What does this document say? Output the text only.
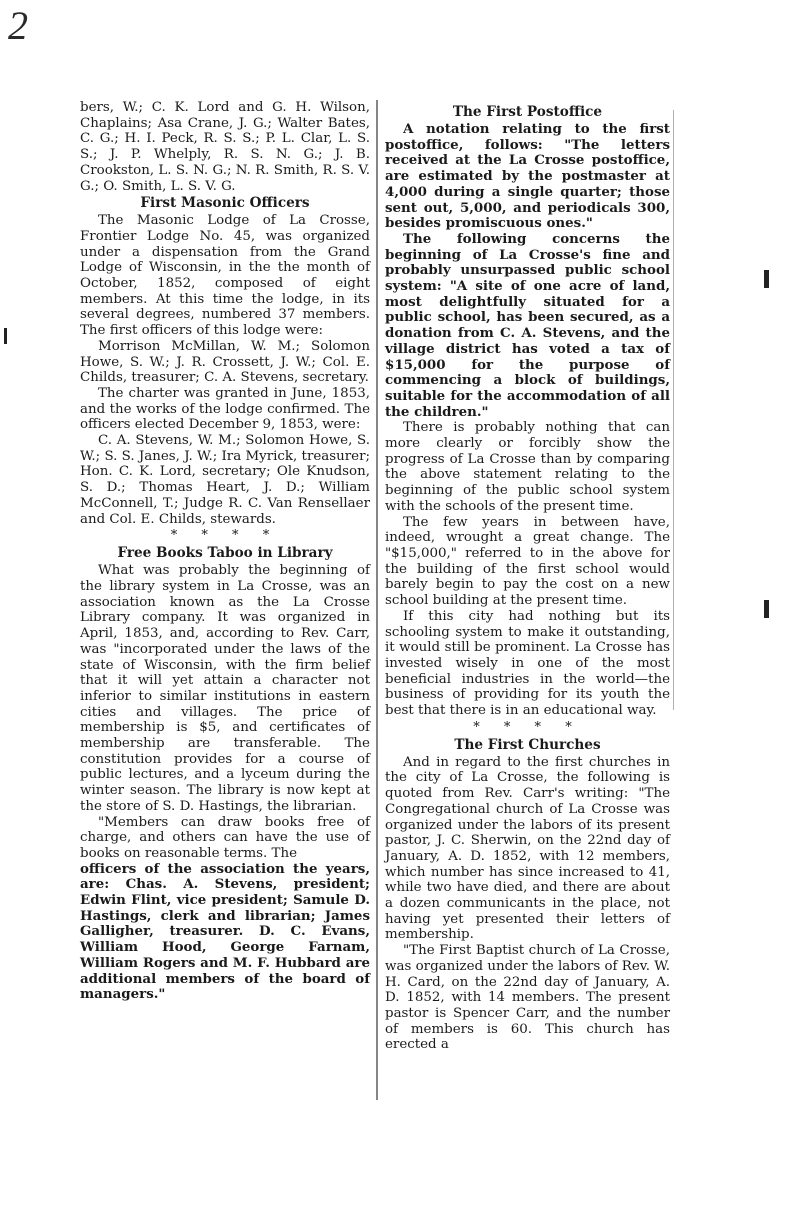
2

bers, W.; C. K. Lord and G. H. Wilson, Chaplains; Asa Crane, J. G.; Walter Bates, C. G.; H. I. Peck, R. S. S.; P. L. Clar, L. S. S.; J. P. Whelply, R. S. N. G.; J. B. Crookston, L. S. N. G.; N. R. Smith, R. S. V. G.; O. Smith, L. S. V. G.

First Masonic Officers

The Masonic Lodge of La Crosse, Frontier Lodge No. 45, was organized under a dispensation from the Grand Lodge of Wisconsin, in the the month of October, 1852, composed of eight members. At this time the lodge, in its several degrees, numbered 37 members. The first officers of this lodge were:

Morrison McMillan, W. M.; Solomon Howe, S. W.; J. R. Crossett, J. W.; Col. E. Childs, treasurer; C. A. Stevens, secretary.

The charter was granted in June, 1853, and the works of the lodge confirmed. The officers elected December 9, 1853, were:

C. A. Stevens, W. M.; Solomon Howe, S. W.; S. S. Janes, J. W.; Ira Myrick, treasurer; Hon. C. K. Lord, secretary; Ole Knudson, S. D.; Thomas Heart, J. D.; William McConnell, T.; Judge R. C. Van Rensellaer and Col. E. Childs, stewards.

* * * *
Free Books Taboo in Library

What was probably the beginning of the library system in La Crosse, was an association known as the La Crosse Library company. It was organized in April, 1853, and, according to Rev. Carr, was "incorporated under the laws of the state of Wisconsin, with the firm belief that it will yet attain a character not inferior to similar institutions in eastern cities and villages. The price of membership is $5, and certificates of membership are transferable. The constitution provides for a course of public lectures, and a lyceum during the winter season. The library is now kept at the store of S. D. Hastings, the librarian.

"Members can draw books free of charge, and others can have the use of books on reasonable terms. The

officers of the association the years, are: Chas. A. Stevens, president; Edwin Flint, vice president; Samule D. Hastings, clerk and librarian; James Galligher, treasurer. D. C. Evans, William Hood, George Farnam, William Rogers and M. F. Hubbard are additional members of the board of managers."

The First Postoffice

A notation relating to the first postoffice, follows: "The letters received at the La Crosse postoffice, are estimated by the postmaster at 4,000 during a single quarter; those sent out, 5,000, and periodicals 300, besides promiscuous ones."

The following concerns the beginning of La Crosse's fine and probably unsurpassed public school system: "A site of one acre of land, most delightfully situated for a public school, has been secured, as a donation from C. A. Stevens, and the village district has voted a tax of $15,000 for the purpose of commencing a block of buildings, suitable for the accommodation of all the children."

There is probably nothing that can more clearly or forcibly show the progress of La Crosse than by comparing the above statement relating to the beginning of the public school system with the schools of the present time.

The few years in between have, indeed, wrought a great change. The "$15,000," referred to in the above for the building of the first school would barely begin to pay the cost on a new school building at the present time.

If this city had nothing but its schooling system to make it outstanding, it would still be prominent. La Crosse has invested wisely in one of the most beneficial industries in the world—the business of providing for its youth the best that there is in an educational way.

* * * *
The First Churches

And in regard to the first churches in the city of La Crosse, the following is quoted from Rev. Carr's writing: "The Congregational church of La Crosse was organized under the labors of its present pastor, J. C. Sherwin, on the 22nd day of January, A. D. 1852, with 12 members, which number has since increased to 41, while two have died, and there are about a dozen communicants in the place, not having yet presented their letters of membership.

"The First Baptist church of La Crosse, was organized under the labors of Rev. W. H. Card, on the 22nd day of January, A. D. 1852, with 14 members. The present pastor is Spencer Carr, and the number of members is 60. This church has erected a
